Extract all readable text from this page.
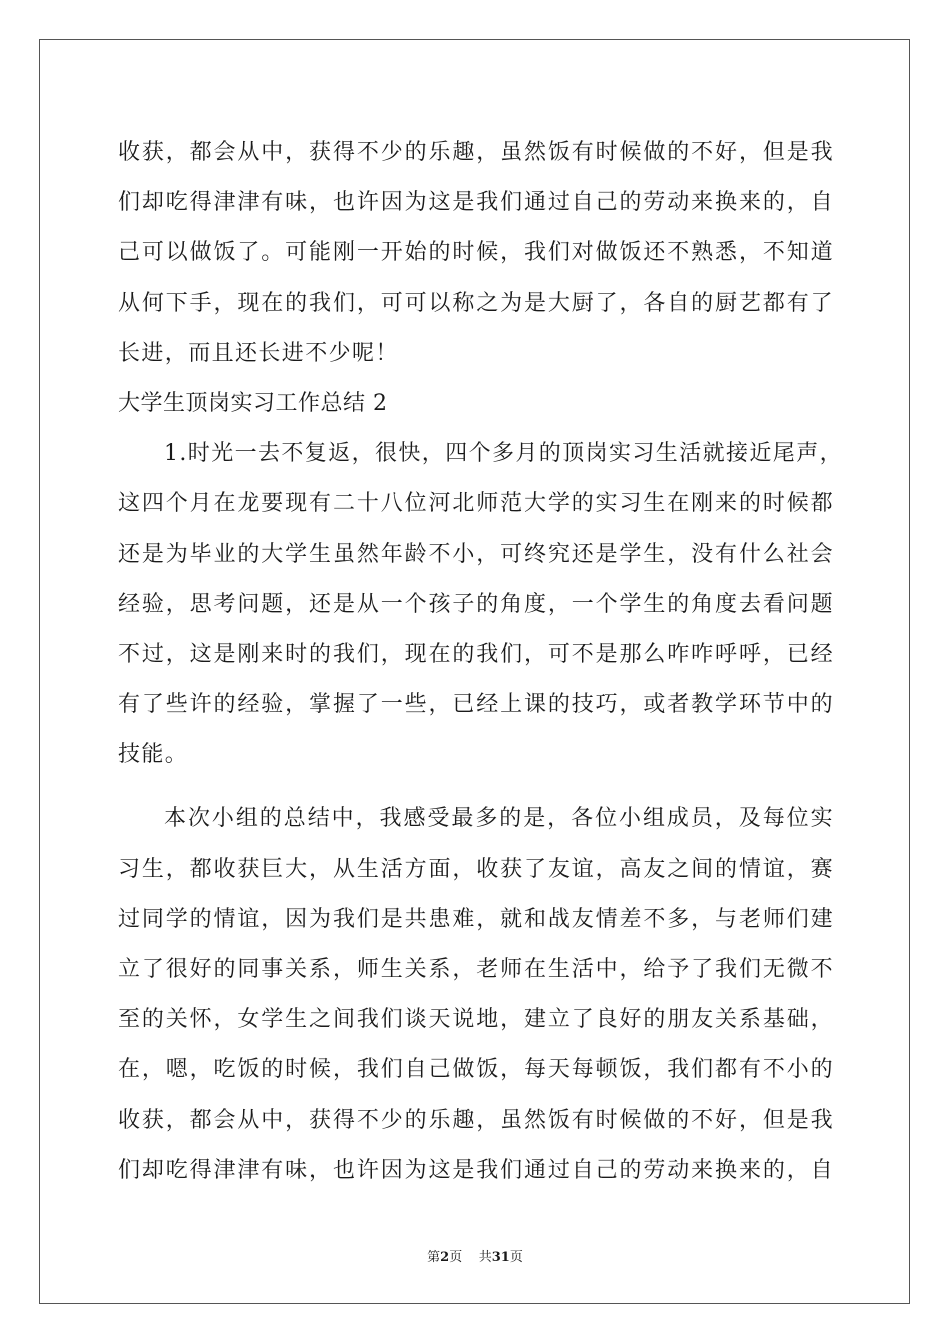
收获，都会从中，获得不少的乐趣，虽然饭有时候做的不好，但是我
们却吃得津津有味，也许因为这是我们通过自己的劳动来换来的，自
己可以做饭了。可能刚一开始的时候，我们对做饭还不熟悉，不知道
从何下手，现在的我们，可可以称之为是大厨了，各自的厨艺都有了
长进，而且还长进不少呢！
大学生顶岗实习工作总结 2
1.时光一去不复返，很快，四个多月的顶岗实习生活就接近尾声，
这四个月在龙要现有二十八位河北师范大学的实习生在刚来的时候都
还是为毕业的大学生虽然年龄不小，可终究还是学生，没有什么社会
经验，思考问题，还是从一个孩子的角度，一个学生的角度去看问题
不过，这是刚来时的我们，现在的我们，可不是那么咋咋呼呼，已经
有了些许的经验，掌握了一些，已经上课的技巧，或者教学环节中的
技能。
本次小组的总结中，我感受最多的是，各位小组成员，及每位实
习生，都收获巨大，从生活方面，收获了友谊，高友之间的情谊，赛
过同学的情谊，因为我们是共患难，就和战友情差不多，与老师们建
立了很好的同事关系，师生关系，老师在生活中，给予了我们无微不
至的关怀，女学生之间我们谈天说地，建立了良好的朋友关系基础，
在，嗯，吃饭的时候，我们自己做饭，每天每顿饭，我们都有不小的
收获，都会从中，获得不少的乐趣，虽然饭有时候做的不好，但是我
们却吃得津津有味，也许因为这是我们通过自己的劳动来换来的，自
第2页    共31页
